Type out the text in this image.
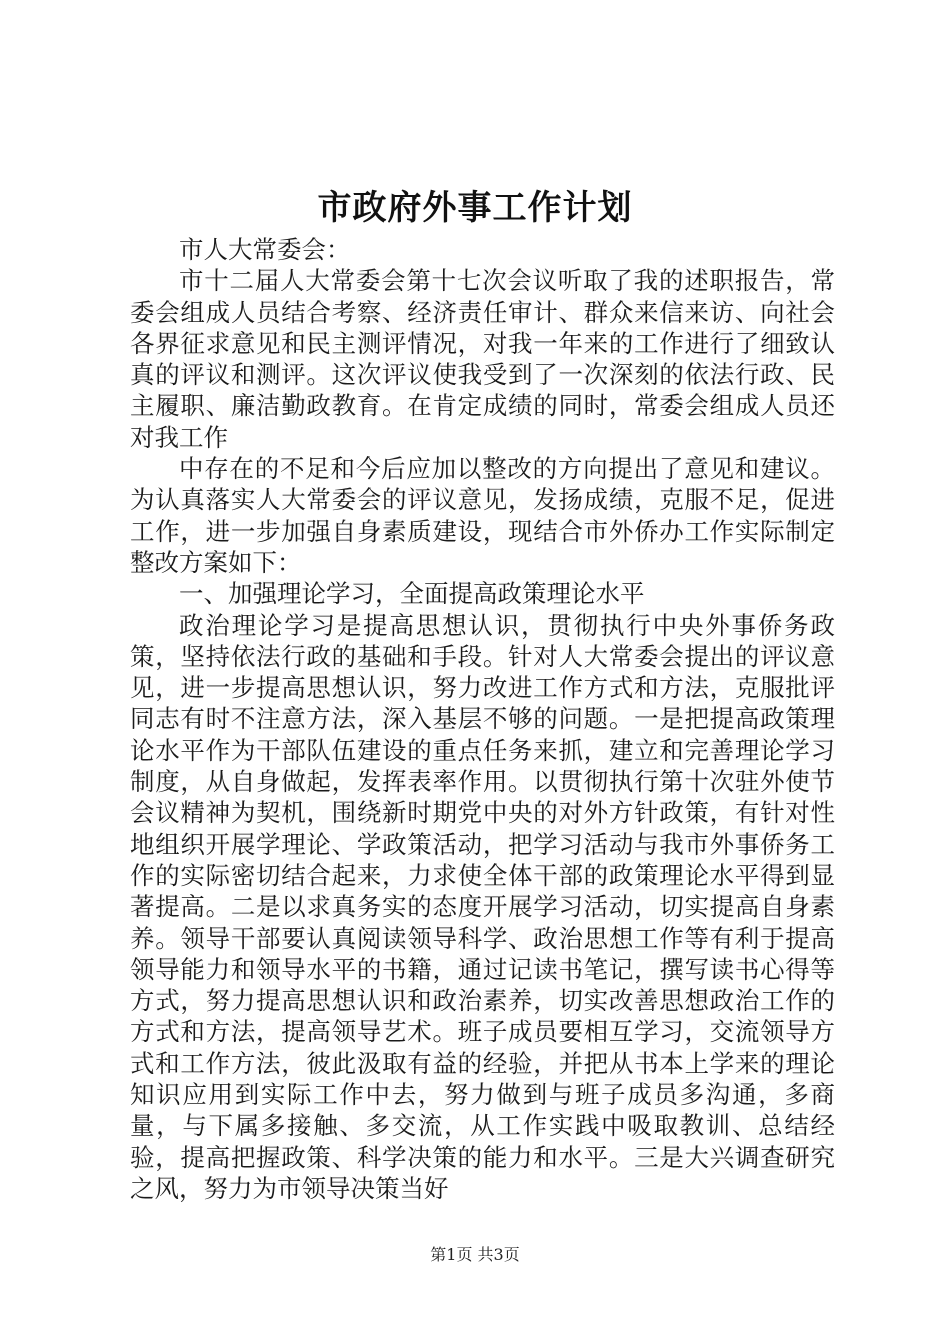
市政府外事工作计划

市人大常委会：

市十二届人大常委会第十七次会议听取了我的述职报告，常委会组成人员结合考察、经济责任审计、群众来信来访、向社会各界征求意见和民主测评情况，对我一年来的工作进行了细致认真的评议和测评。这次评议使我受到了一次深刻的依法行政、民主履职、廉洁勤政教育。在肯定成绩的同时，常委会组成人员还对我工作

中存在的不足和今后应加以整改的方向提出了意见和建议。为认真落实人大常委会的评议意见，发扬成绩，克服不足，促进工作，进一步加强自身素质建设，现结合市外侨办工作实际制定整改方案如下：

一、加强理论学习，全面提高政策理论水平

政治理论学习是提高思想认识，贯彻执行中央外事侨务政策，坚持依法行政的基础和手段。针对人大常委会提出的评议意见，进一步提高思想认识，努力改进工作方式和方法，克服批评同志有时不注意方法，深入基层不够的问题。一是把提高政策理论水平作为干部队伍建设的重点任务来抓，建立和完善理论学习制度，从自身做起，发挥表率作用。以贯彻执行第十次驻外使节会议精神为契机，围绕新时期党中央的对外方针政策，有针对性地组织开展学理论、学政策活动，把学习活动与我市外事侨务工作的实际密切结合起来，力求使全体干部的政策理论水平得到显著提高。二是以求真务实的态度开展学习活动，切实提高自身素养。领导干部要认真阅读领导科学、政治思想工作等有利于提高领导能力和领导水平的书籍，通过记读书笔记，撰写读书心得等方式，努力提高思想认识和政治素养，切实改善思想政治工作的方式和方法，提高领导艺术。班子成员要相互学习，交流领导方式和工作方法，彼此汲取有益的经验，并把从书本上学来的理论知识应用到实际工作中去，努力做到与班子成员多沟通，多商量，与下属多接触、多交流，从工作实践中吸取教训、总结经验，提高把握政策、科学决策的能力和水平。三是大兴调查研究之风，努力为市领导决策当好

第1页 共3页
